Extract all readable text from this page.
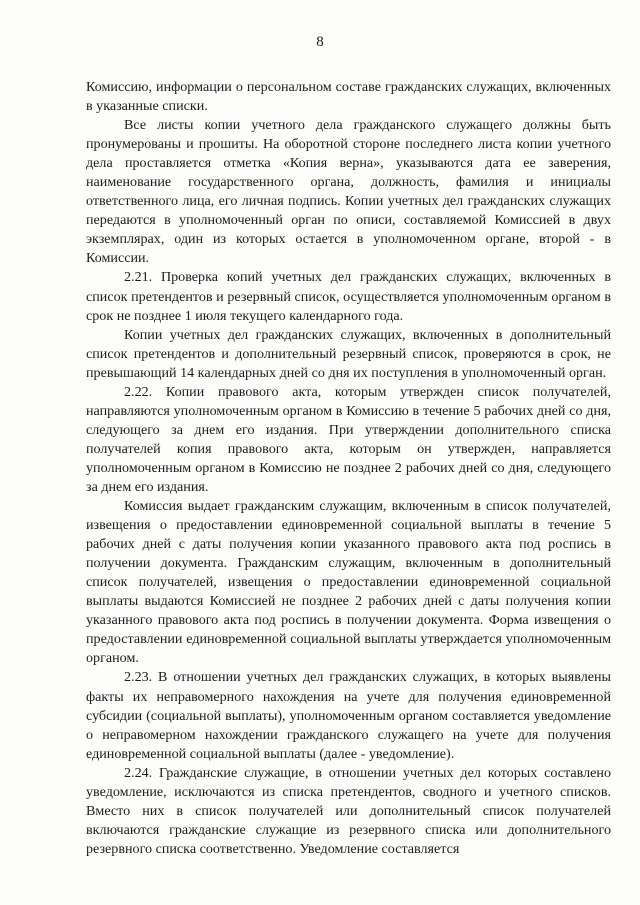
8

Комиссию, информации о персональном составе гражданских служащих, включенных в указанные списки.

Все листы копии учетного дела гражданского служащего должны быть пронумерованы и прошиты. На оборотной стороне последнего листа копии учетного дела проставляется отметка «Копия верна», указываются дата ее заверения, наименование государственного органа, должность, фамилия и инициалы ответственного лица, его личная подпись. Копии учетных дел гражданских служащих передаются в уполномоченный орган по описи, составляемой Комиссией в двух экземплярах, один из которых остается в уполномоченном органе, второй - в Комиссии.

2.21. Проверка копий учетных дел гражданских служащих, включенных в список претендентов и резервный список, осуществляется уполномоченным органом в срок не позднее 1 июля текущего календарного года.

Копии учетных дел гражданских служащих, включенных в дополнительный список претендентов и дополнительный резервный список, проверяются в срок, не превышающий 14 календарных дней со дня их поступления в уполномоченный орган.

2.22. Копии правового акта, которым утвержден список получателей, направляются уполномоченным органом в Комиссию в течение 5 рабочих дней со дня, следующего за днем его издания. При утверждении дополнительного списка получателей копия правового акта, которым он утвержден, направляется уполномоченным органом в Комиссию не позднее 2 рабочих дней со дня, следующего за днем его издания.

Комиссия выдает гражданским служащим, включенным в список получателей, извещения о предоставлении единовременной социальной выплаты в течение 5 рабочих дней с даты получения копии указанного правового акта под роспись в получении документа. Гражданским служащим, включенным в дополнительный список получателей, извещения о предоставлении единовременной социальной выплаты выдаются Комиссией не позднее 2 рабочих дней с даты получения копии указанного правового акта под роспись в получении документа. Форма извещения о предоставлении единовременной социальной выплаты утверждается уполномоченным органом.

2.23. В отношении учетных дел гражданских служащих, в которых выявлены факты их неправомерного нахождения на учете для получения единовременной субсидии (социальной выплаты), уполномоченным органом составляется уведомление о неправомерном нахождении гражданского служащего на учете для получения единовременной социальной выплаты (далее - уведомление).

2.24. Гражданские служащие, в отношении учетных дел которых составлено уведомление, исключаются из списка претендентов, сводного и учетного списков. Вместо них в список получателей или дополнительный список получателей включаются гражданские служащие из резервного списка или дополнительного резервного списка соответственно. Уведомление составляется
